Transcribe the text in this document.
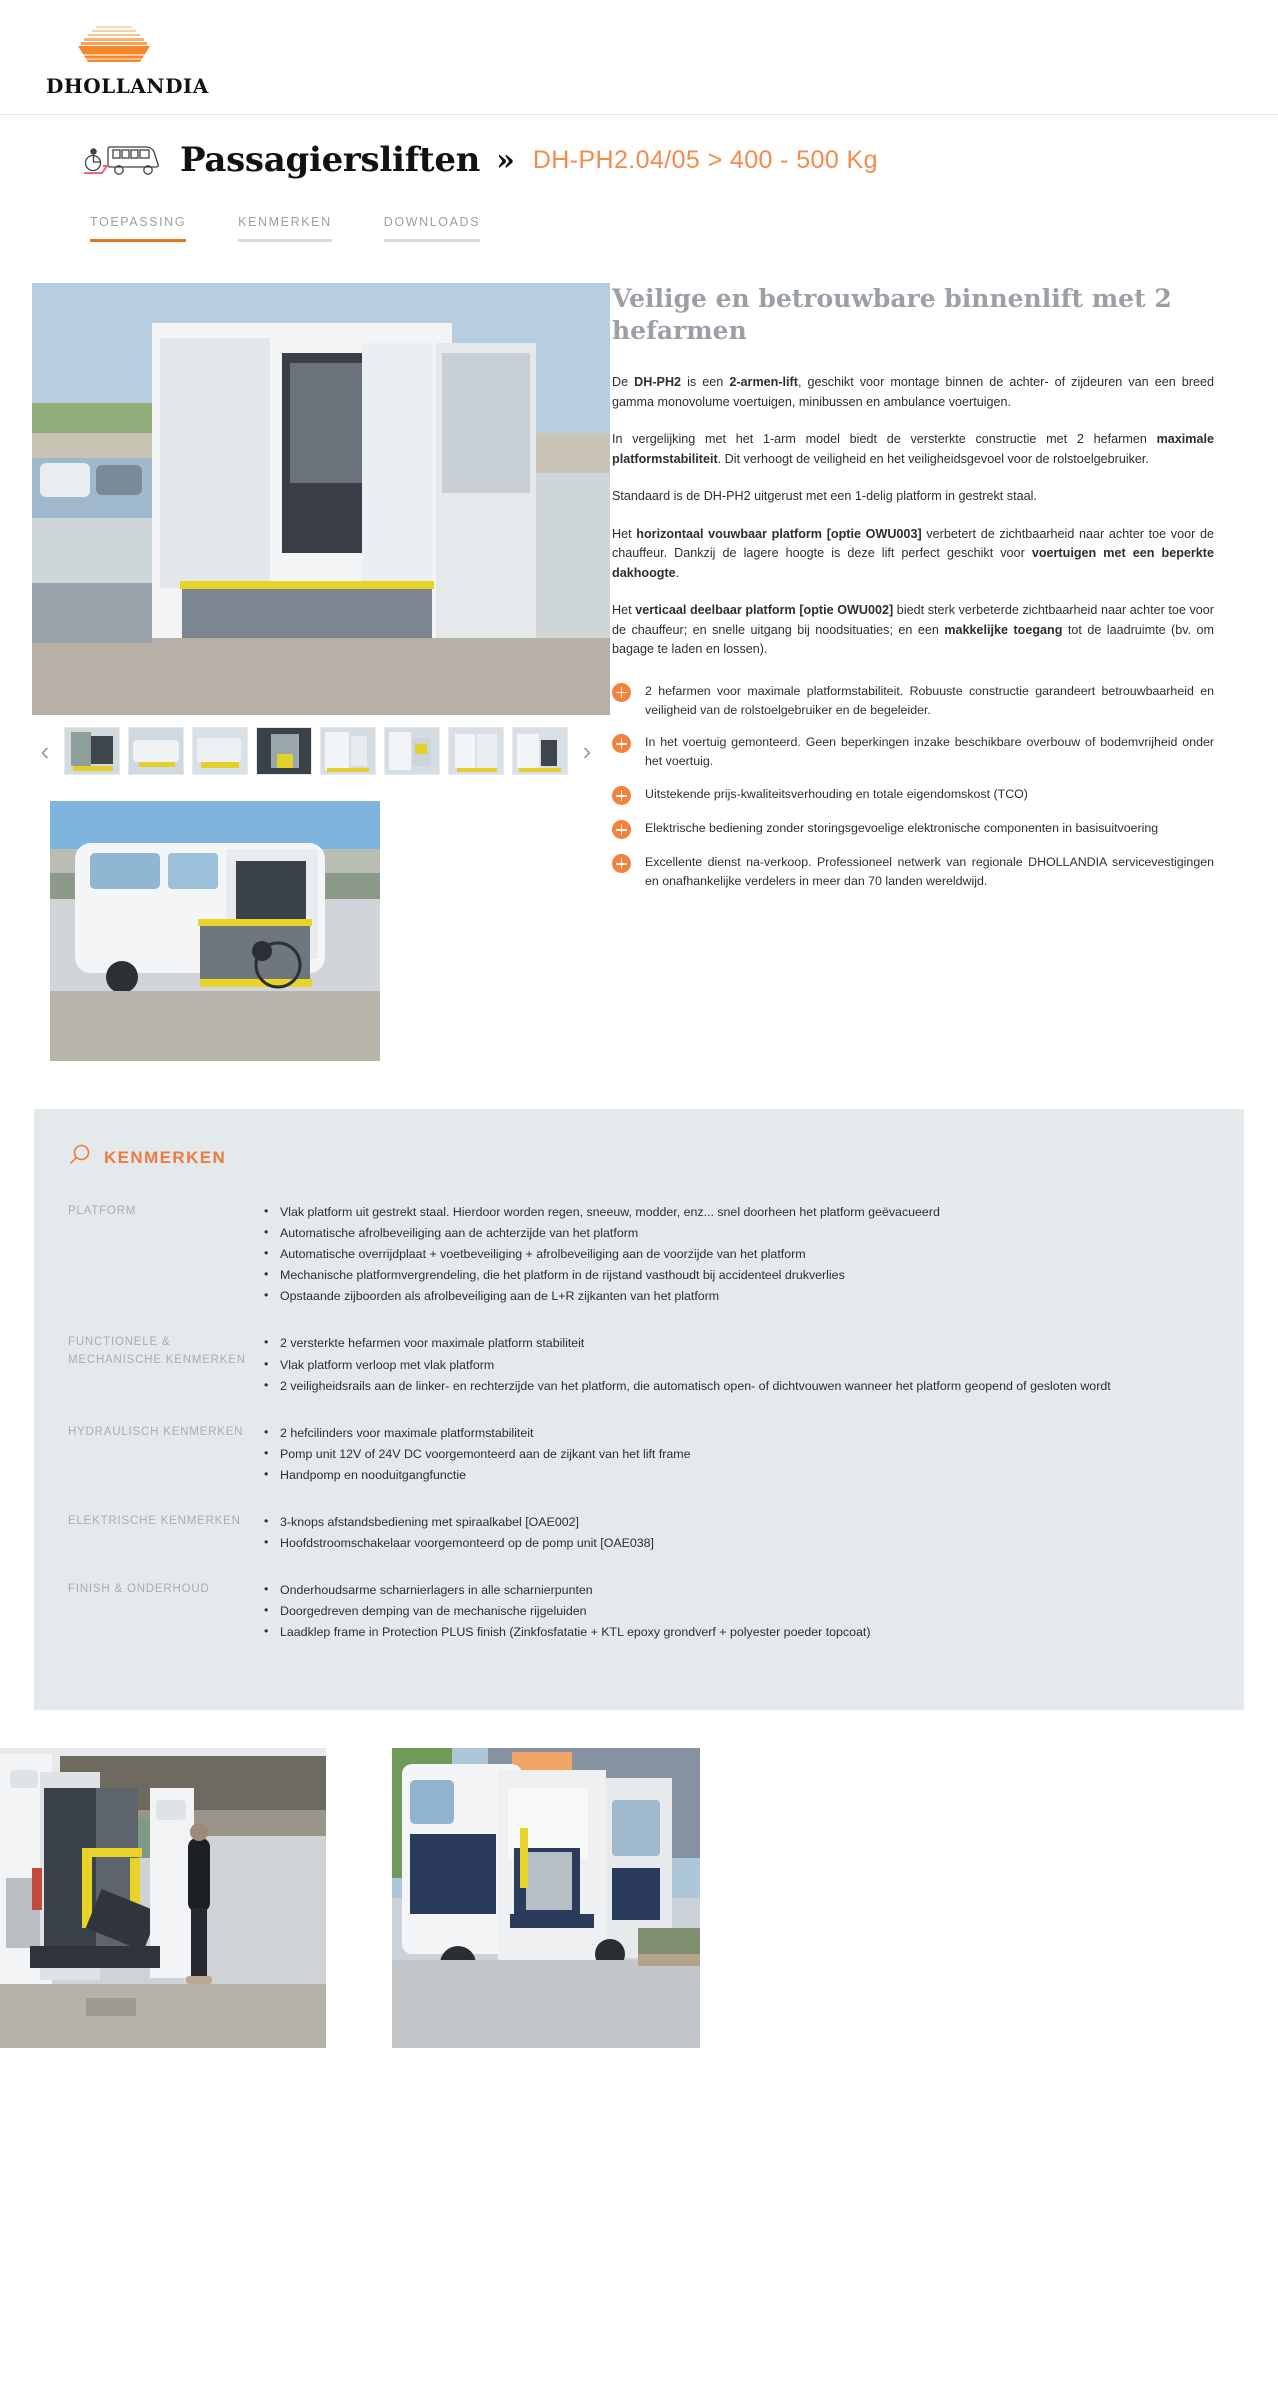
DHOLLANDIA
Passagiersliften » DH-PH2.04/05 > 400 - 500 Kg
TOEPASSING	KENMERKEN	DOWNLOADS
‹	›
Veilige en betrouwbare binnenlift met 2 hefarmen

De DH-PH2 is een 2-armen-lift, geschikt voor montage binnen de achter- of zijdeuren van een breed gamma monovolume voertuigen, minibussen en ambulance voertuigen.

In vergelijking met het 1-arm model biedt de versterkte constructie met 2 hefarmen maximale platformstabiliteit. Dit verhoogt de veiligheid en het veiligheidsgevoel voor de rolstoelgebruiker.

Standaard is de DH-PH2 uitgerust met een 1-delig platform in gestrekt staal.

Het horizontaal vouwbaar platform [optie OWU003] verbetert de zichtbaarheid naar achter toe voor de chauffeur. Dankzij de lagere hoogte is deze lift perfect geschikt voor voertuigen met een beperkte dakhoogte.

Het verticaal deelbaar platform [optie OWU002] biedt sterk verbeterde zichtbaarheid naar achter toe voor de chauffeur; en snelle uitgang bij noodsituaties; en een makkelijke toegang tot de laadruimte (bv. om bagage te laden en lossen).

2 hefarmen voor maximale platformstabiliteit. Robuuste constructie garandeert betrouwbaarheid en veiligheid van de rolstoelgebruiker en de begeleider.
In het voertuig gemonteerd. Geen beperkingen inzake beschikbare overbouw of bodemvrijheid onder het voertuig.
Uitstekende prijs-kwaliteitsverhouding en totale eigendomskost (TCO)
Elektrische bediening zonder storingsgevoelige elektronische componenten in basisuitvoering
Excellente dienst na-verkoop. Professioneel netwerk van regionale DHOLLANDIA servicevestigingen en onafhankelijke verdelers in meer dan 70 landen wereldwijd.
KENMERKEN
PLATFORM	• Vlak platform uit gestrekt staal. Hierdoor worden regen, sneeuw, modder, enz... snel doorheen het platform geëvacueerd
• Automatische afrolbeveiliging aan de achterzijde van het platform
• Automatische overrijdplaat + voetbeveiliging + afrolbeveiliging aan de voorzijde van het platform
• Mechanische platformvergrendeling, die het platform in de rijstand vasthoudt bij accidenteel drukverlies
• Opstaande zijboorden als afrolbeveiliging aan de L+R zijkanten van het platform
FUNCTIONELE & MECHANISCHE KENMERKEN
• 2 versterkte hefarmen voor maximale platform stabiliteit
• Vlak platform verloop met vlak platform
• 2 veiligheidsrails aan de linker- en rechterzijde van het platform, die automatisch open- of dichtvouwen wanneer het platform geopend of gesloten wordt
HYDRAULISCH KENMERKEN	• 2 hefcilinders voor maximale platformstabiliteit
• Pomp unit 12V of 24V DC voorgemonteerd aan de zijkant van het lift frame
• Handpomp en nooduitgangfunctie
ELEKTRISCHE KENMERKEN	• 3-knops afstandsbediening met spiraalkabel [OAE002]
• Hoofdstroomschakelaar voorgemonteerd op de pomp unit [OAE038]
FINISH & ONDERHOUD	• Onderhoudsarme scharnierlagers in alle scharnierpunten
• Doorgedreven demping van de mechanische rijgeluiden
• Laadklep frame in Protection PLUS finish (Zinkfosfatatie + KTL epoxy grondverf + polyester poeder topcoat)
